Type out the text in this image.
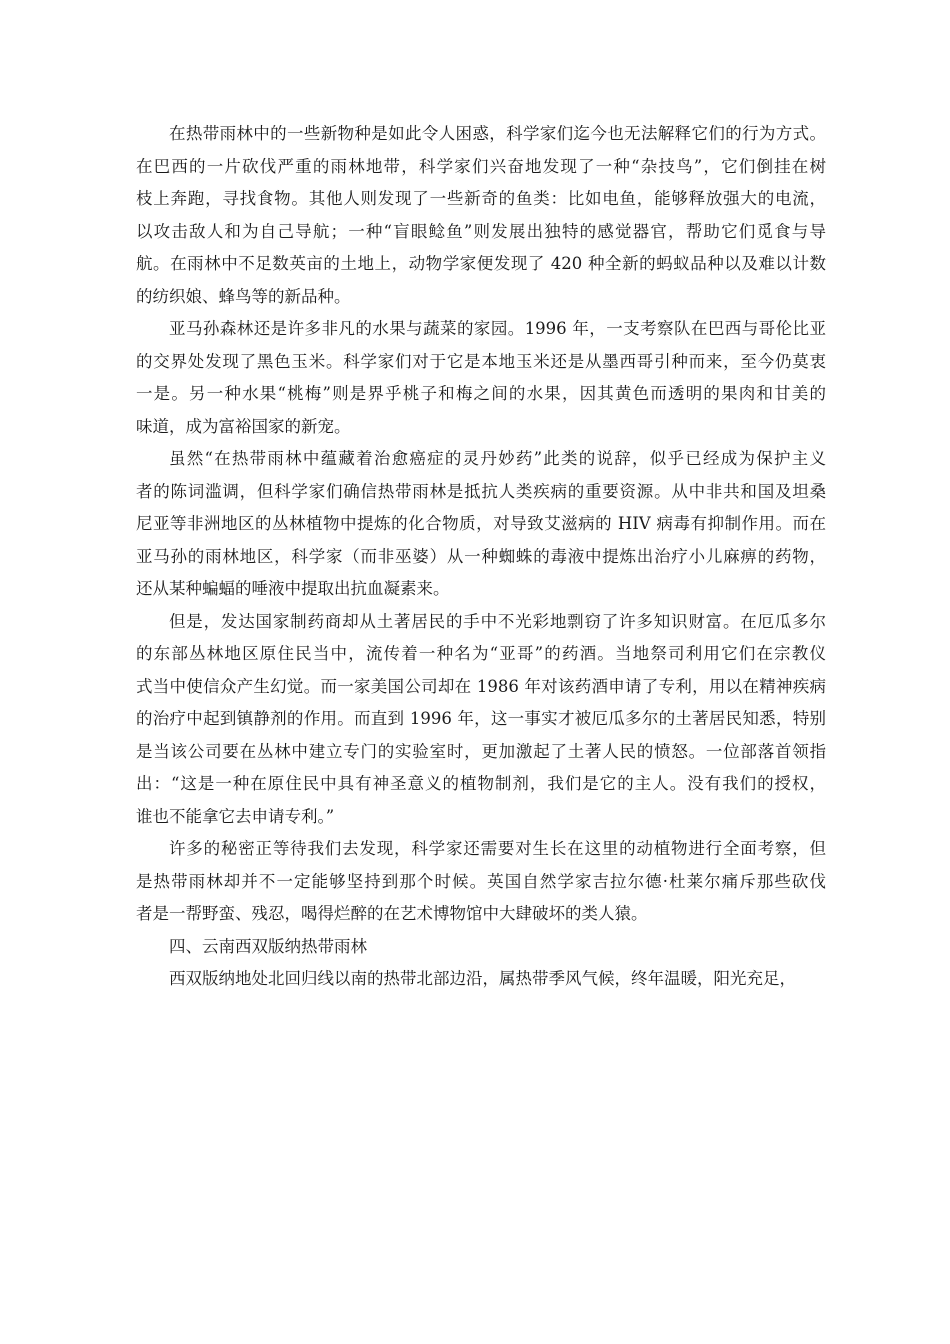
在热带雨林中的一些新物种是如此令人困惑，科学家们迄今也无法解释它们的行为方式。
在巴西的一片砍伐严重的雨林地带，科学家们兴奋地发现了一种“杂技鸟”，它们倒挂在树
枝上奔跑，寻找食物。其他人则发现了一些新奇的鱼类：比如电鱼，能够释放强大的电流，
以攻击敌人和为自己导航；一种“盲眼鲶鱼”则发展出独特的感觉器官，帮助它们觅食与导
航。在雨林中不足数英亩的土地上，动物学家便发现了 420 种全新的蚂蚁品种以及难以计数
的纺织娘、蜂鸟等的新品种。
亚马孙森林还是许多非凡的水果与蔬菜的家园。1996 年，一支考察队在巴西与哥伦比亚
的交界处发现了黑色玉米。科学家们对于它是本地玉米还是从墨西哥引种而来，至今仍莫衷
一是。另一种水果“桃梅”则是界乎桃子和梅之间的水果，因其黄色而透明的果肉和甘美的
味道，成为富裕国家的新宠。
虽然“在热带雨林中蕴藏着治愈癌症的灵丹妙药”此类的说辞，似乎已经成为保护主义
者的陈词滥调，但科学家们确信热带雨林是抵抗人类疾病的重要资源。从中非共和国及坦桑
尼亚等非洲地区的丛林植物中提炼的化合物质，对导致艾滋病的 HIV 病毒有抑制作用。而在
亚马孙的雨林地区，科学家（而非巫婆）从一种蜘蛛的毒液中提炼出治疗小儿麻痹的药物，
还从某种蝙蝠的唾液中提取出抗血凝素来。
但是，发达国家制药商却从土著居民的手中不光彩地剽窃了许多知识财富。在厄瓜多尔
的东部丛林地区原住民当中，流传着一种名为“亚哥”的药酒。当地祭司利用它们在宗教仪
式当中使信众产生幻觉。而一家美国公司却在 1986 年对该药酒申请了专利，用以在精神疾病
的治疗中起到镇静剂的作用。而直到 1996 年，这一事实才被厄瓜多尔的土著居民知悉，特别
是当该公司要在丛林中建立专门的实验室时，更加激起了土著人民的愤怒。一位部落首领指
出：“这是一种在原住民中具有神圣意义的植物制剂，我们是它的主人。没有我们的授权，
谁也不能拿它去申请专利。”
许多的秘密正等待我们去发现，科学家还需要对生长在这里的动植物进行全面考察，但
是热带雨林却并不一定能够坚持到那个时候。英国自然学家吉拉尔德·杜莱尔痛斥那些砍伐
者是一帮野蛮、残忍，喝得烂醉的在艺术博物馆中大肆破坏的类人猿。
四、云南西双版纳热带雨林
西双版纳地处北回归线以南的热带北部边沿，属热带季风气候，终年温暖，阳光充足，
